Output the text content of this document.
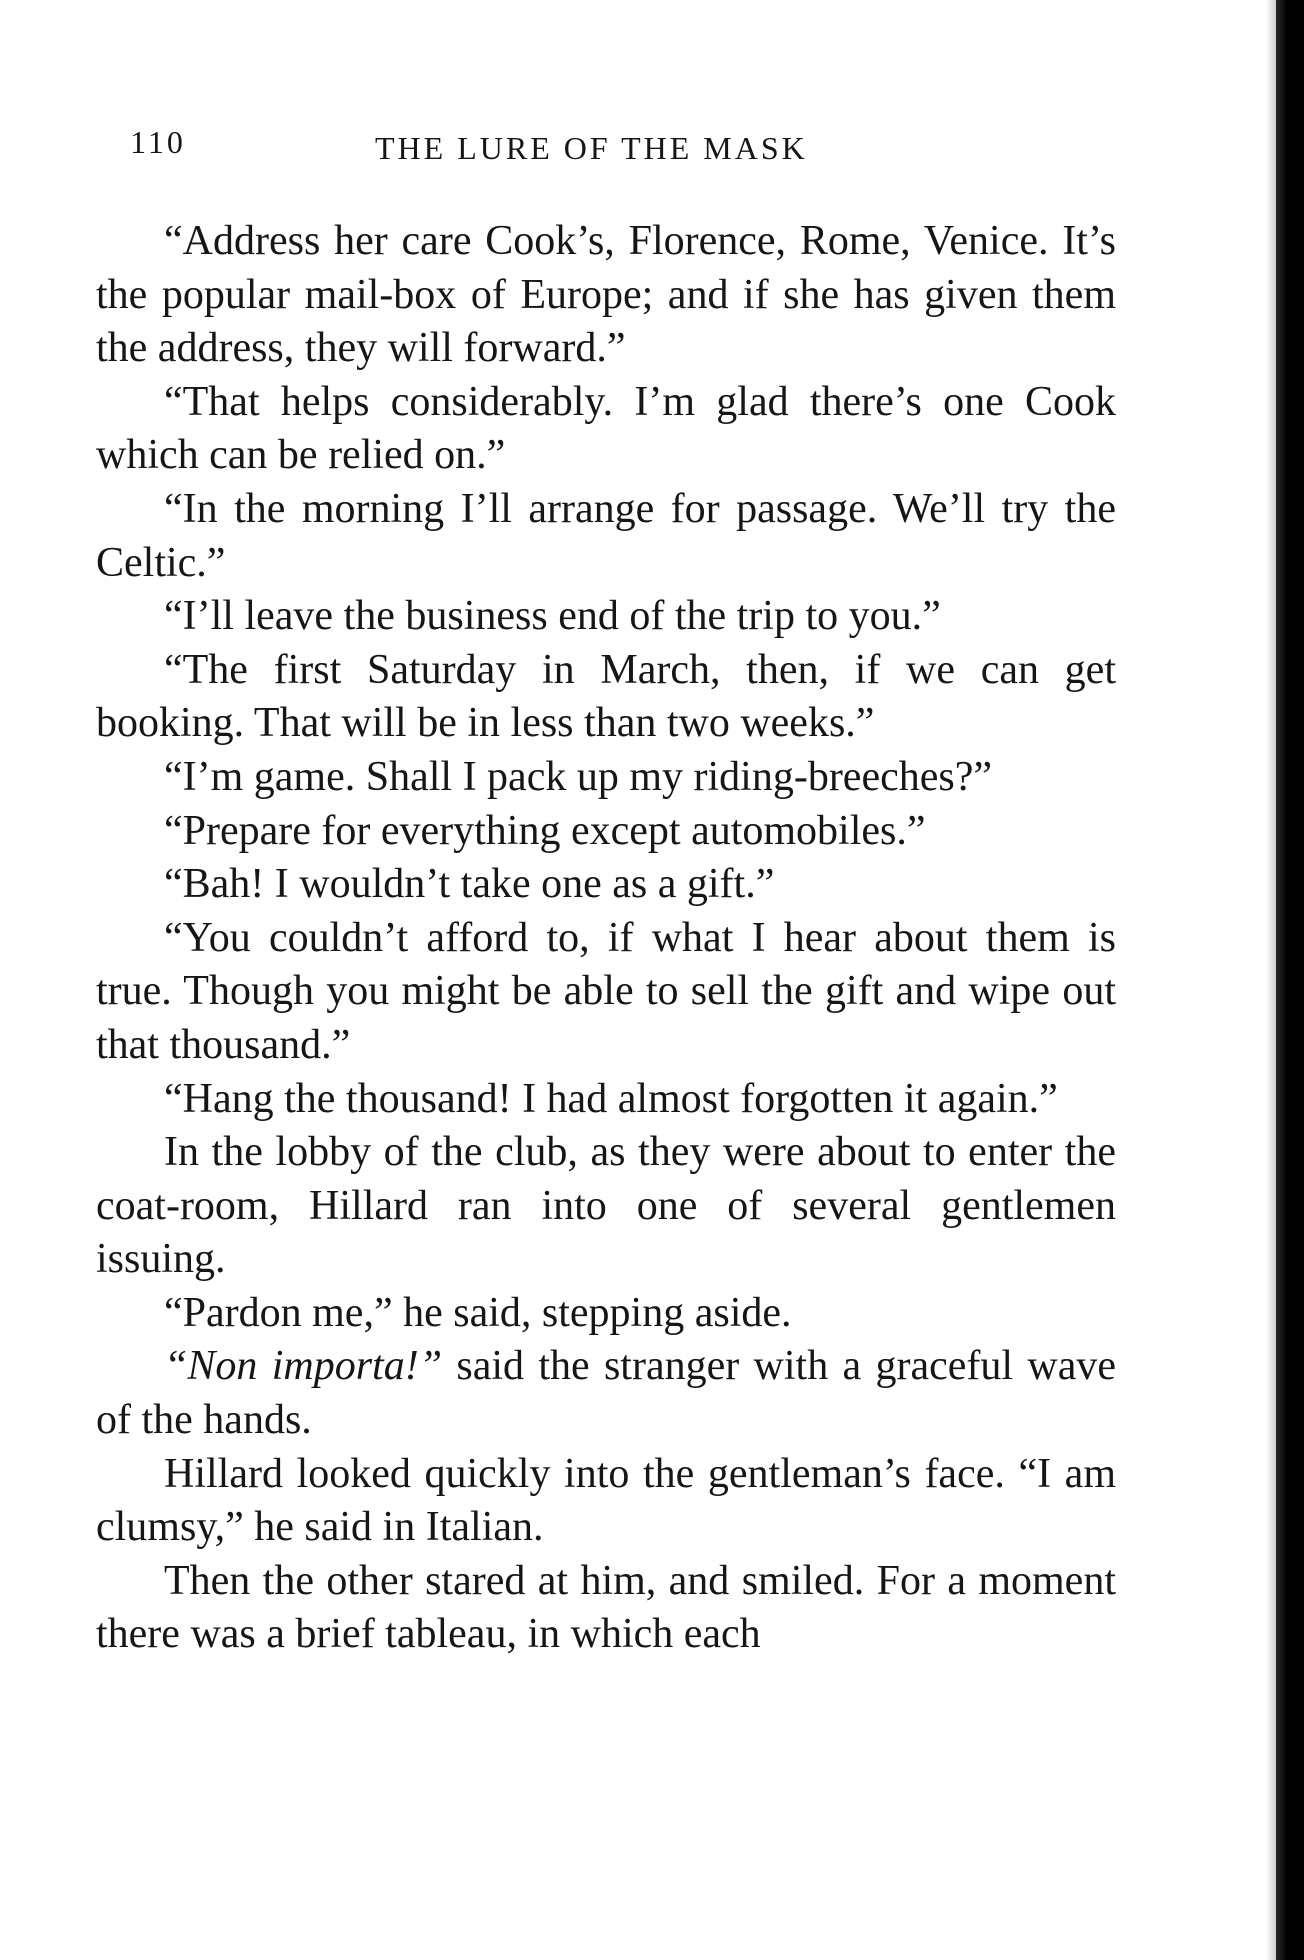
110	THE LURE OF THE MASK

“Address her care Cook’s, Florence, Rome, Venice. It’s the popular mail-box of Europe; and if she has given them the address, they will forward.”

“That helps considerably. I’m glad there’s one Cook which can be relied on.”

“In the morning I’ll arrange for passage. We’ll try the Celtic.”

“I’ll leave the business end of the trip to you.”

“The first Saturday in March, then, if we can get booking. That will be in less than two weeks.”

“I’m game. Shall I pack up my riding-breeches?”

“Prepare for everything except automobiles.”

“Bah! I wouldn’t take one as a gift.”

“You couldn’t afford to, if what I hear about them is true. Though you might be able to sell the gift and wipe out that thousand.”

“Hang the thousand! I had almost forgotten it again.”

In the lobby of the club, as they were about to enter the coat-room, Hillard ran into one of several gentlemen issuing.

“Pardon me,” he said, stepping aside.

“Non importa!” said the stranger with a graceful wave of the hands.

Hillard looked quickly into the gentleman’s face. “I am clumsy,” he said in Italian.

Then the other stared at him, and smiled. For a moment there was a brief tableau, in which each
